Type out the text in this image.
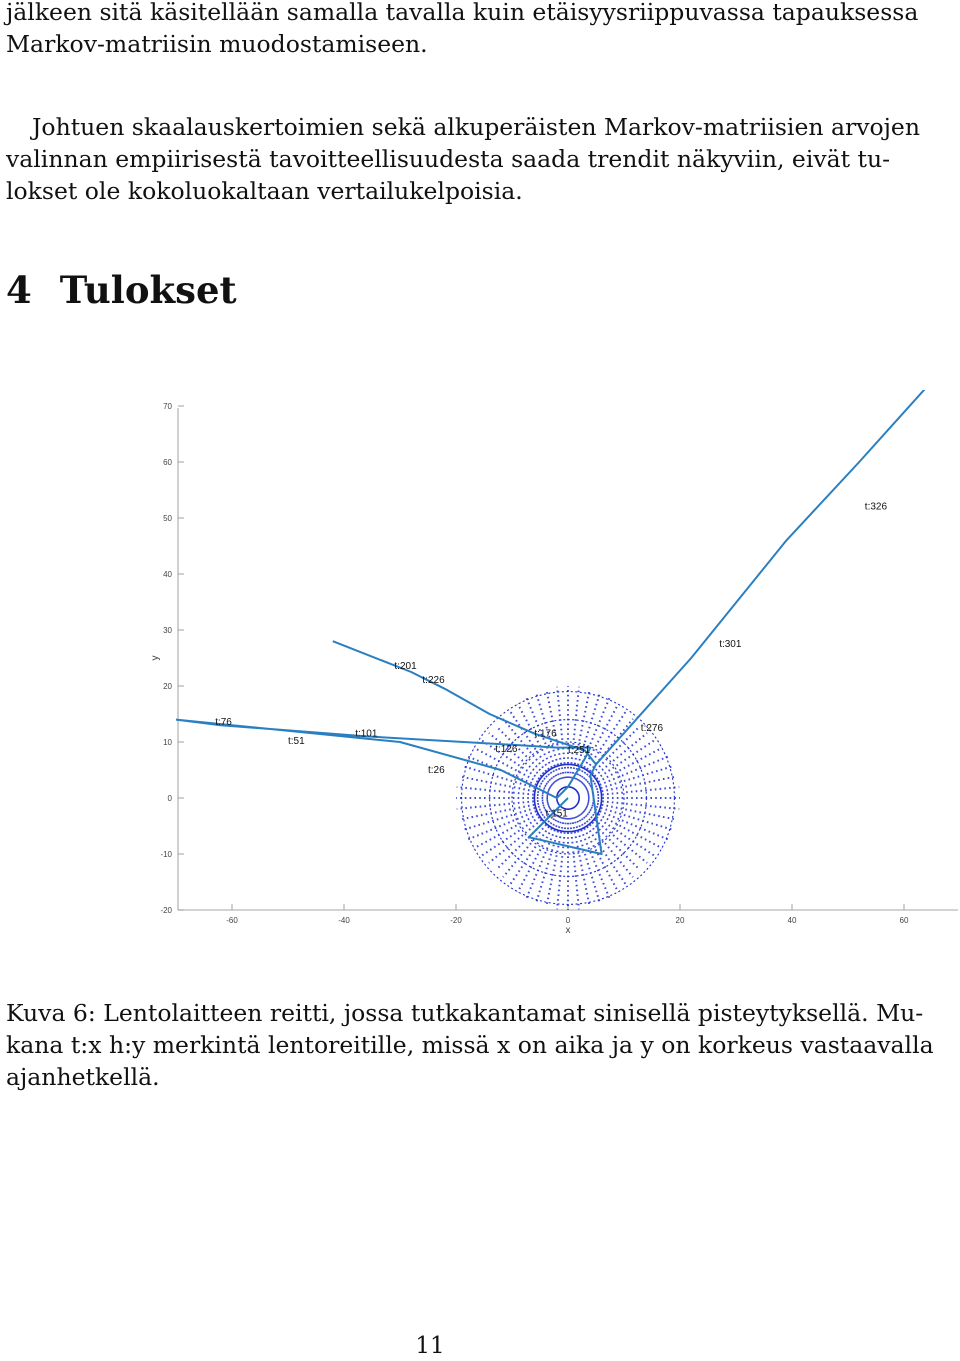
jälkeen sitä käsitellään samalla tavalla kuin etäisyysriippuvassa tapauksessa
Markov-matriisin muodostamiseen.
Johtuen skaalauskertoimien sekä alkuperäisten Markov-matriisien arvojen
valinnan empiirisestä tavoitteellisuudesta saada trendit näkyviin, eivät tu-
lokset ole kokoluokaltaan vertailukelpoisia.
4 Tulokset
-20
-10
0
10
20
30
40
50
60
70
-60	-40	-20	0	20	40	60
t:76
t:51
t:101
t:201
t:226
t:26
t:126
t:176
t:251
t:151
t:276
t:301
t:326
x
y
Kuva 6: Lentolaitteen reitti, jossa tutkakantamat sinisellä pisteytyksellä. Mu-
kana t:x h:y merkintä lentoreitille, missä x on aika ja y on korkeus vastaavalla
ajanhetkellä.
11
